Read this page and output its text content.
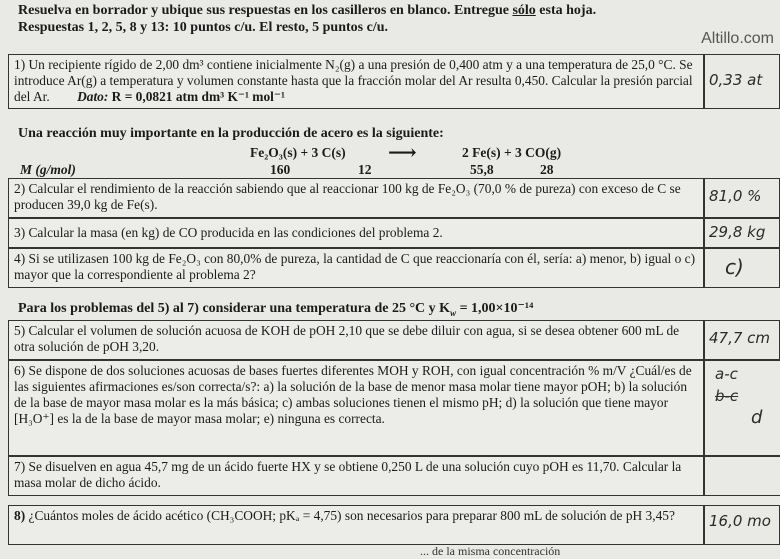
Resuelva en borrador y ubique sus respuestas en los casilleros en blanco. Entregue sólo esta hoja.
Respuestas 1, 2, 5, 8 y 13: 10 puntos c/u. El resto, 5 puntos c/u.
Altillo.com
1) Un recipiente rígido de 2,00 dm³ contiene inicialmente N₂(g) a una presión de 0,400 atm y a una temperatura de 25,0 °C. Se introduce Ar(g) a temperatura y volumen constante hasta que la fracción molar del Ar resulta 0,450. Calcular la presión parcial del Ar. Dato: R = 0,0821 atm dm³ K⁻¹ mol⁻¹
0,33 at
Una reacción muy importante en la producción de acero es la siguiente:
Fe₂O₃(s) + 3 C(s) ⟶	2 Fe(s) + 3 CO(g)
M (g/mol)	160	12	55,8	28
2) Calcular el rendimiento de la reacción sabiendo que al reaccionar 100 kg de Fe₂O₃ (70,0 % de pureza) con exceso de C se producen 39,0 kg de Fe(s).	81,0 %
3) Calcular la masa (en kg) de CO producida en las condiciones del problema 2.	29,8 kg
4) Si se utilizasen 100 kg de Fe₂O₃ con 80,0% de pureza, la cantidad de C que reaccionaría con él, sería: a) menor, b) igual o c) mayor que la correspondiente al problema 2?	c)
Para los problemas del 5) al 7) considerar una temperatura de 25 °C y $K_w = 1,00\times 10^{-14}$
5) Calcular el volumen de solución acuosa de KOH de pOH 2,10 que se debe diluir con agua, si se desea obtener 600 mL de otra solución de pOH 3,20.	47,7 cm
6) Se dispone de dos soluciones acuosas de bases fuertes diferentes MOH y ROH, con igual concentración % m/V ¿Cuál/es de las siguientes afirmaciones es/son correcta/s?: a) la solución de la base de menor masa molar tiene mayor pOH; b) la solución de la base de mayor masa molar es la más básica; c) ambas soluciones tienen el mismo pH; d) la solución que tiene mayor [H₃O⁺] es la de la base de mayor masa molar; e) ninguna es correcta.
a-c
b-c
d
7) Se disuelven en agua 45,7 mg de un ácido fuerte HX y se obtiene 0,250 L de una solución cuyo pOH es 11,70. Calcular la masa molar de dicho ácido.
8) ¿Cuántos moles de ácido acético (CH₃COOH; pKₐ = 4,75) son necesarios para preparar 800 mL de solución de pH 3,45?	16,0 mo
... de la misma concentración
